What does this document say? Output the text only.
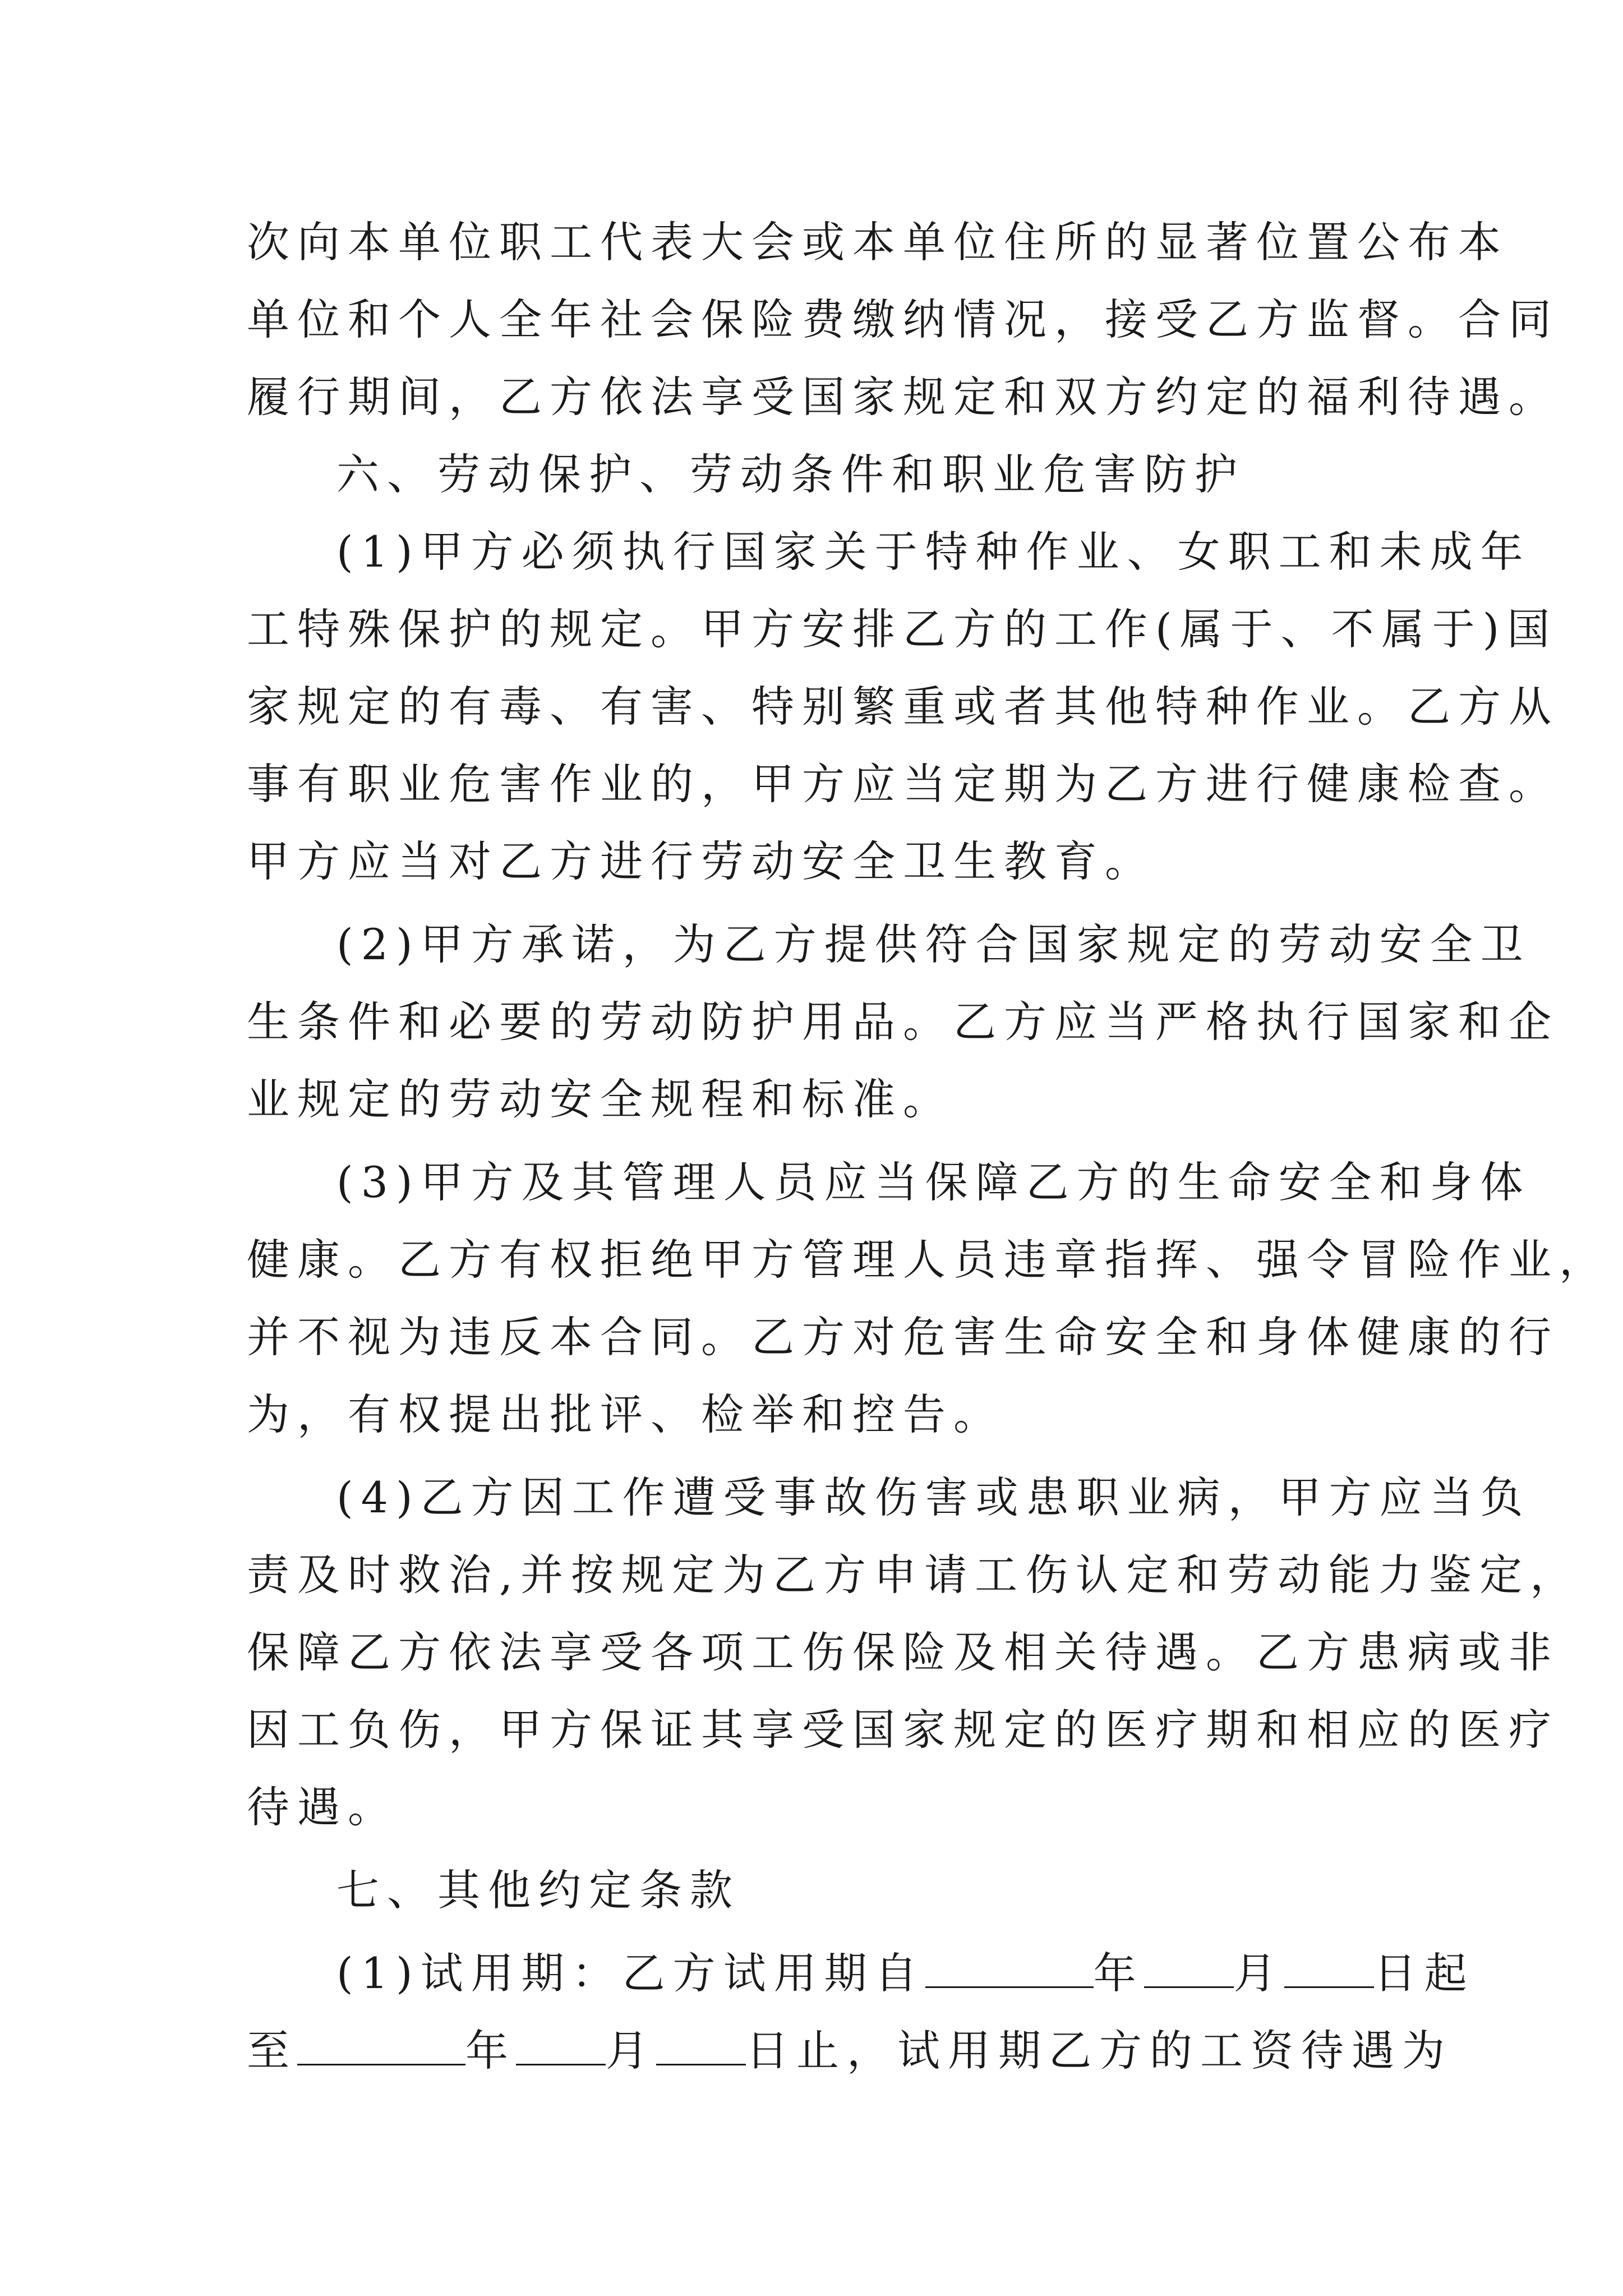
次向本单位职工代表大会或本单位住所的显著位置公布本
单位和个人全年社会保险费缴纳情况，接受乙方监督。合同
履行期间，乙方依法享受国家规定和双方约定的福利待遇。
六、劳动保护、劳动条件和职业危害防护
(1)甲方必须执行国家关于特种作业、女职工和未成年
工特殊保护的规定。甲方安排乙方的工作(属于、不属于)国
家规定的有毒、有害、特别繁重或者其他特种作业。乙方从
事有职业危害作业的，甲方应当定期为乙方进行健康检查。
甲方应当对乙方进行劳动安全卫生教育。
(2)甲方承诺，为乙方提供符合国家规定的劳动安全卫
生条件和必要的劳动防护用品。乙方应当严格执行国家和企
业规定的劳动安全规程和标准。
(3)甲方及其管理人员应当保障乙方的生命安全和身体
健康。乙方有权拒绝甲方管理人员违章指挥、强令冒险作业，
并不视为违反本合同。乙方对危害生命安全和身体健康的行
为，有权提出批评、检举和控告。
(4)乙方因工作遭受事故伤害或患职业病，甲方应当负
责及时救治,并按规定为乙方申请工伤认定和劳动能力鉴定，
保障乙方依法享受各项工伤保险及相关待遇。乙方患病或非
因工负伤，甲方保证其享受国家规定的医疗期和相应的医疗
待遇。
七、其他约定条款
(1)试用期：乙方试用期自	年 月 日起
至	年 月 日止，试用期乙方的工资待遇为
